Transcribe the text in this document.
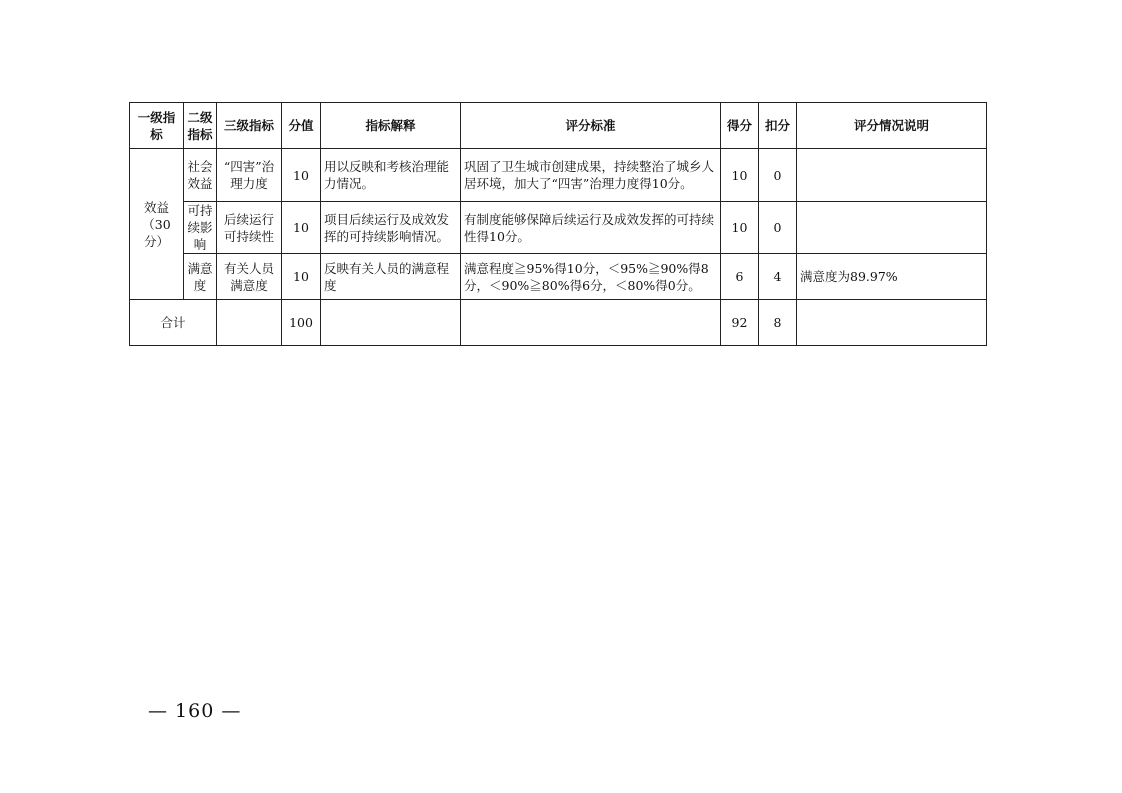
一级指标	二级指标	三级指标	分值	指标解释	评分标准	得分	扣分	评分情况说明
效益（30分）	社会效益	“四害”治理力度	10	用以反映和考核治理能力情况。	巩固了卫生城市创建成果，持续整治了城乡人居环境，加大了“四害”治理力度得10分。	10	0	
	可持续影响	后续运行可持续性	10	项目后续运行及成效发挥的可持续影响情况。	有制度能够保障后续运行及成效发挥的可持续性得10分。	10	0	
	满意度	有关人员满意度	10	反映有关人员的满意程度	满意程度≧95%得10分，＜95%≧90%得8分，＜90%≧80%得6分，＜80%得0分。	6	4	满意度为89.97%
合计			100			92	8	
— 160 —
